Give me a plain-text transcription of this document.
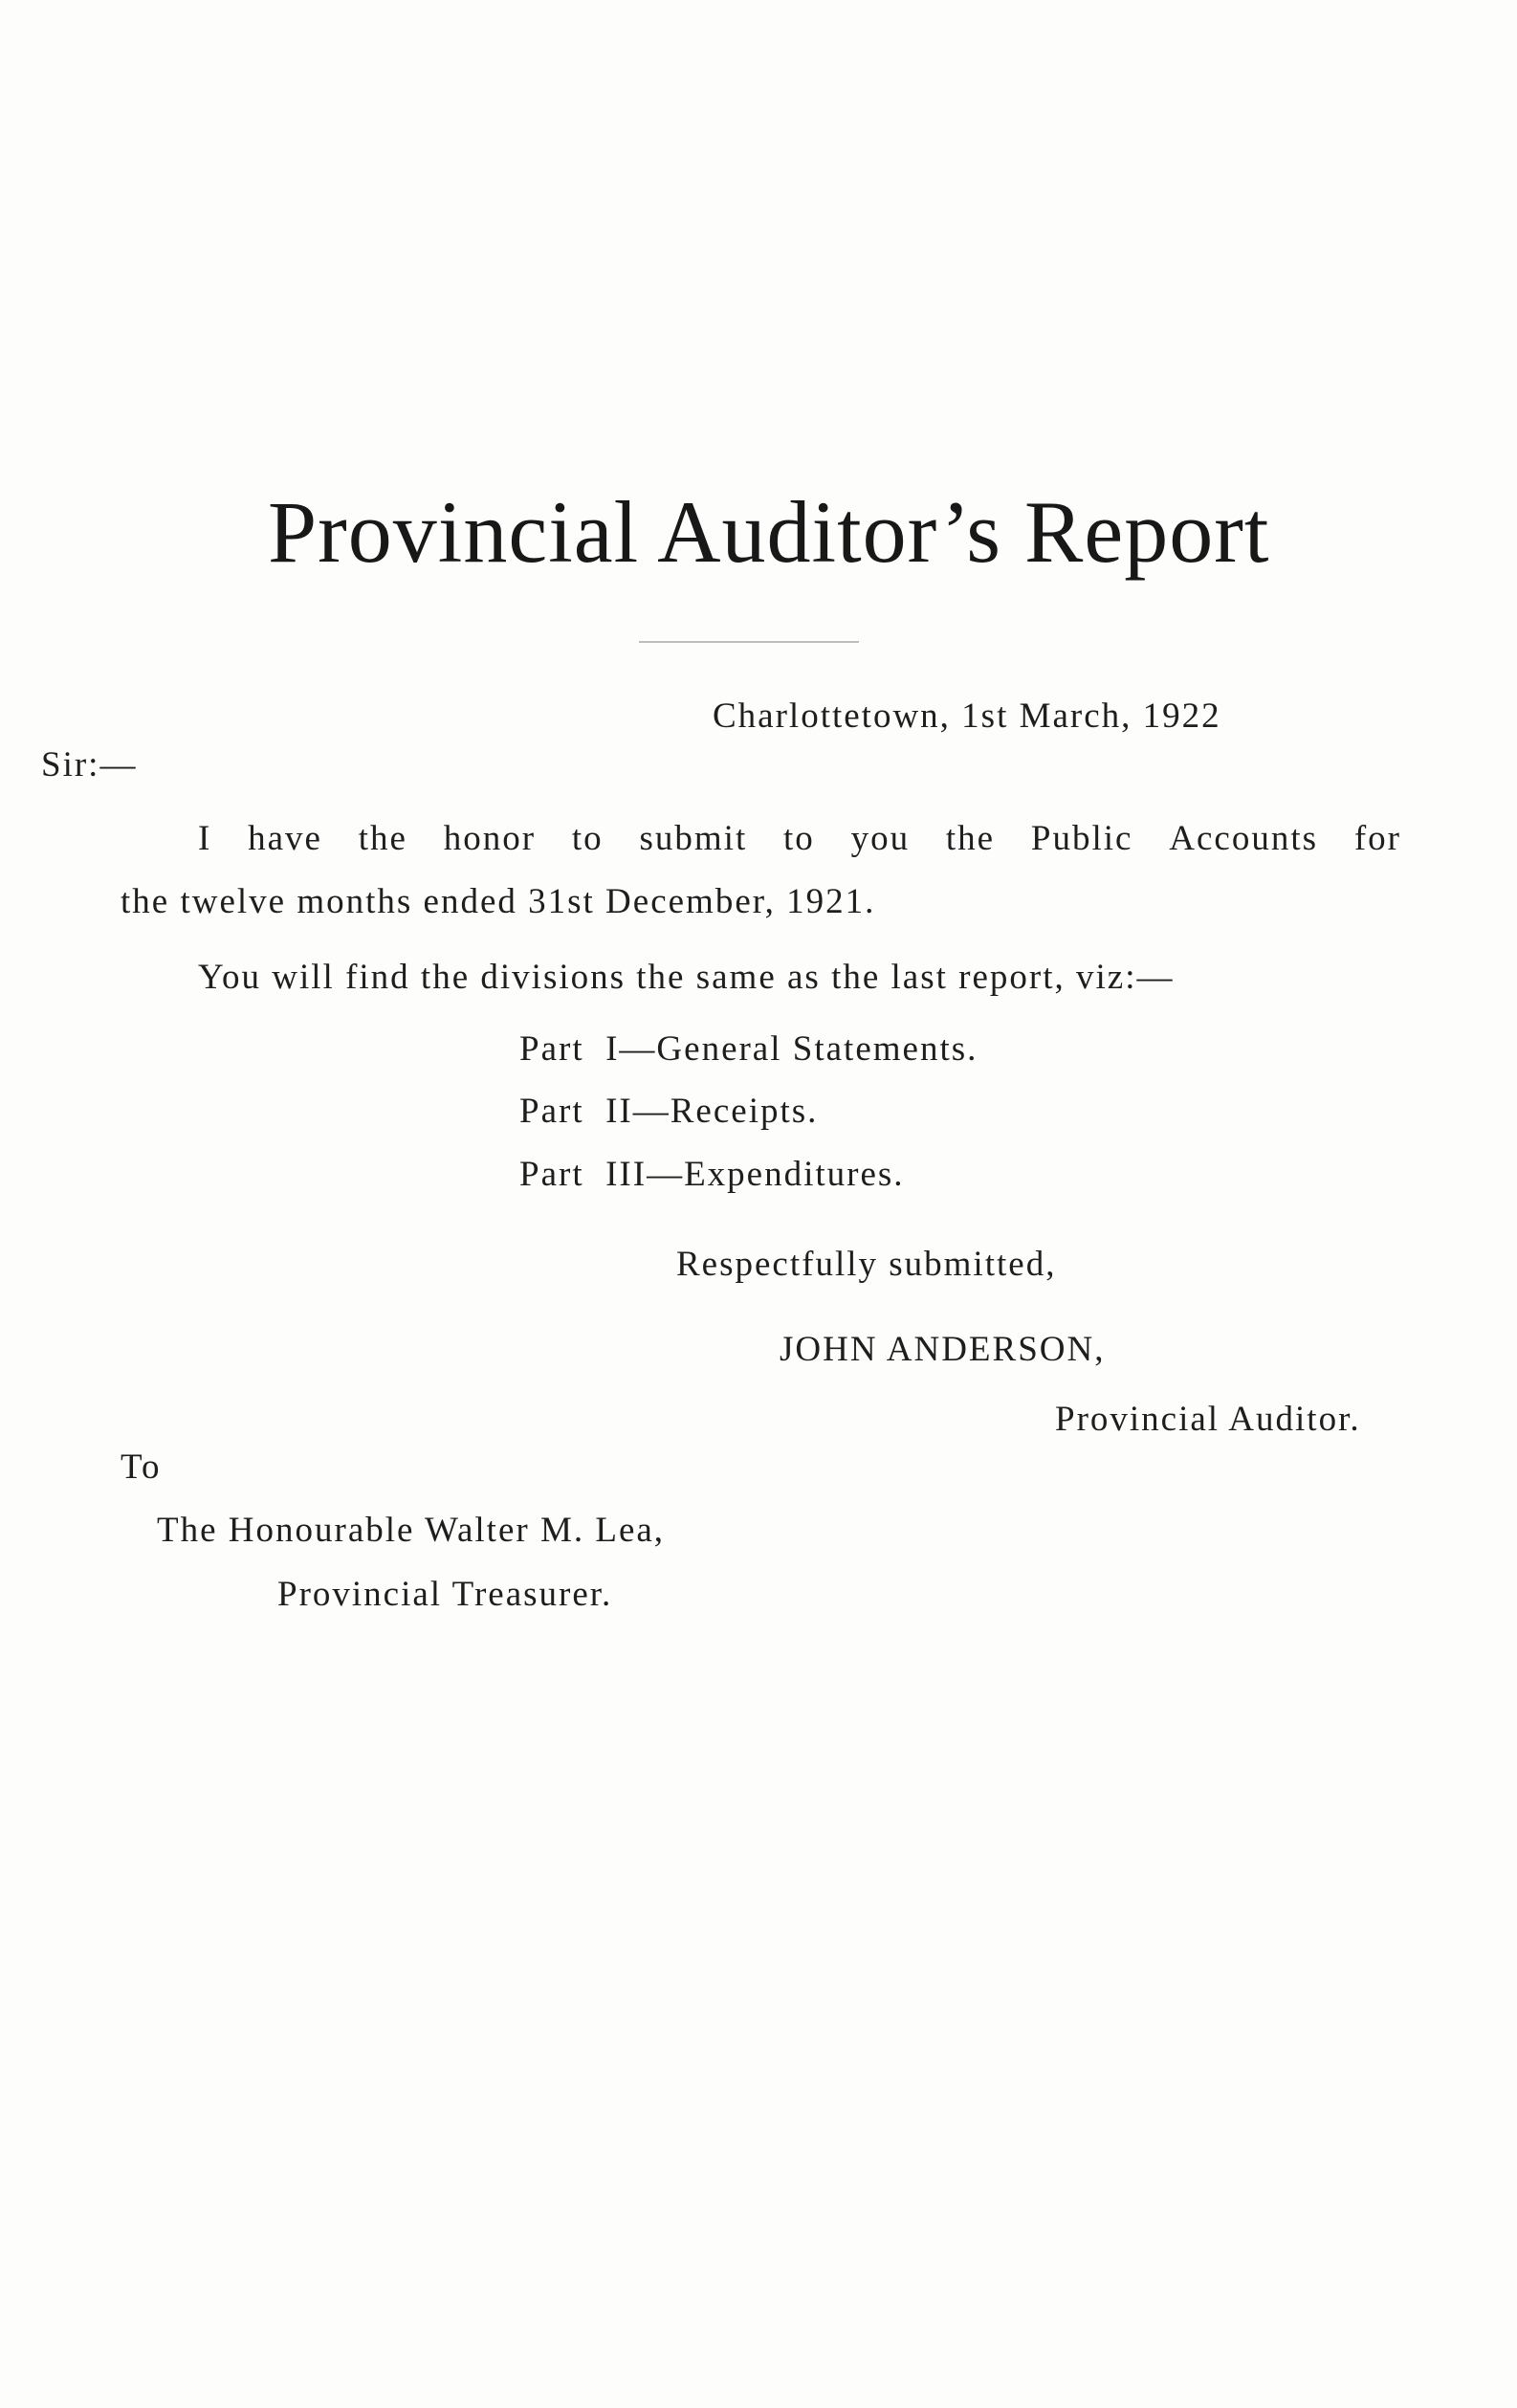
Provincial Auditor’s Report
Charlottetown, 1st March, 1922
Sir:—
I have the honor to submit to you the Public Accounts for
the twelve months ended 31st December, 1921.
You will find the divisions the same as the last report, viz:—
Part  I—General Statements.
Part  II—Receipts.
Part  III—Expenditures.
Respectfully submitted,
JOHN ANDERSON,
Provincial Auditor.
To
The Honourable Walter M. Lea,
Provincial Treasurer.
